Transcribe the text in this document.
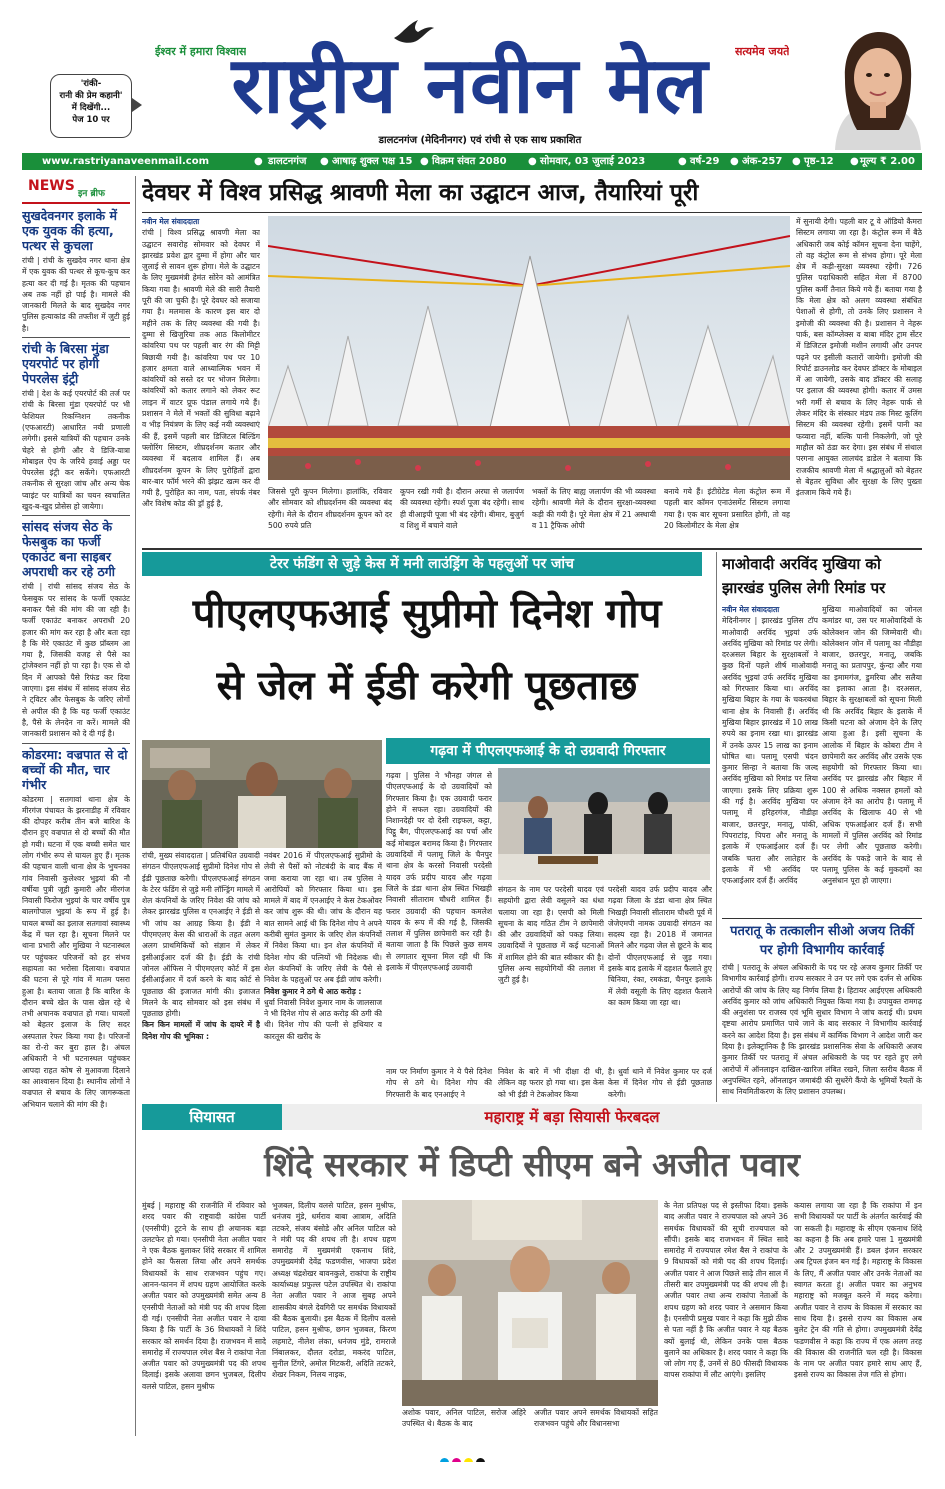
ईश्वर में हमारा विश्वास	सत्यमेव जयते
राष्ट्रीय नवीन मेल
डालटनगंज (मेदिनीनगर) एवं रांची से एक साथ प्रकाशित
'रांकी-
रानी की प्रेम कहानी'
में दिखेंगी...
पेज 10 पर
www.rastriyanaveenmail.com	● डालटनगंज ● आषाढ़ शुक्ल पक्ष 15 ● विक्रम संवत 2080 ● सोमवार, 03 जुलाई 2023	● वर्ष-29 ● अंक-257 ● पृष्ठ-12 ● मूल्य ₹ 2.00
NEWS इन ब्रीफ
सुखदेवनगर इलाके में एक युवक की हत्या, पत्थर से कुचला
रांची | रांची के सुखदेव नगर थाना क्षेत्र में एक युवक की पत्थर से कूच-कूच कर हत्या कर दी गई है। मृतक की पहचान अब तक नहीं हो पाई है। मामले की जानकारी मिलते के बाद सुखदेव नगर पुलिस हत्याकांड की तफ्तीश में जुटी हुई है।
रांची के बिरसा मुंडा एयरपोर्ट पर होगी पेपरलेस इंट्री
रांची | देश के कई एयरपोर्ट की तर्ज पर रांची के बिरसा मुंडा एयरपोर्ट पर भी फेशियल रिकग्निशन तकनीक (एफआरटी) आधारित नयी प्रणाली लगेगी। इससे यात्रियों की पहचान उनके चेहरे से होगी और वे डिजि-यात्रा मोबाइल ऐप के जरिये हवाई अड्डा पर पेपरलेस इंट्री कर सकेंगे। एफआरटी तकनीक से सुरक्षा जांच और अन्य चेक प्वाइंट पर यात्रियों का चयन स्वचालित खुद-ब-खुद प्रोसेस हो जायेगा।
सांसद संजय सेठ के फेसबुक का फर्जी एकाउंट बना साइबर अपराधी कर रहे ठगी
रांची | रांची सांसद संजय सेठ के फेसबुक पर सांसद के फर्जी एकाउंट बनाकर पैसे की मांग की जा रही है। फर्जी एकाउंट बनाकर अपराधी 20 हजार की मांग कर रहा है और बता रहा है कि मेरे एकाउंट में कुछ प्रॉब्लम आ गया है, जिसकी वजह से पैसे का ट्रांजेक्शन नहीं हो पा रहा है। एक से दो दिन में आपको पैसे रिफंड कर दिया जाएगा। इस संबंध में सांसद संजय सेठ ने ट्विटर और फेसबुक के जरिए लोगों से अपील की है कि यह फर्जी एकाउंट है, पैसे के लेनदेन ना करें। मामले की जानकारी प्रशासन को दे दी गई है।
कोडरमा: वज्रपात से दो बच्चों की मौत, चार गंभीर
कोडरमा | सतगावां थाना क्षेत्र के मीरगंज पंचायत के झरनाडीह में रविवार की दोपहर करीब तीन बजे बारिश के दौरान हुए वज्रपात से दो बच्चों की मौत हो गयी। घटना में एक बच्ची समेत चार लोग गंभीर रूप से घायल हुए हैं। मृतक की पहचान वाली थाना क्षेत्र के भुचनका गांव निवासी कुलेश्वर भुइयां की नौ वर्षीया पुत्री जूही कुमारी और मीरगंज निवासी फिरोज भुइयां के चार वर्षीय पुत्र बालगोपाल भुइयां के रूप में हुई है। घायल बच्चों का इलाज सतगावां स्वास्थ्य केंद्र में चल रहा है। सूचना मिलने पर थाना प्रभारी और मुखिया ने घटनास्थल पर पहुंचकर परिजनों को हर संभव सहायता का भरोसा दिलाया। वज्रपात की घटना से पूरे गांव में मातम पसरा हुआ है। बताया जाता है कि बारिश के दौरान बच्चे खेत के पास खेल रहे थे तभी अचानक वज्रपात हो गया। घायलों को बेहतर इलाज के लिए सदर अस्पताल रेफर किया गया है। परिजनों का रो-रो कर बुरा हाल है। अंचल अधिकारी ने भी घटनास्थल पहुंचकर आपदा राहत कोष से मुआवजा दिलाने का आश्वासन दिया है। स्थानीय लोगों ने वज्रपात से बचाव के लिए जागरूकता अभियान चलाने की मांग की है।
देवघर में विश्व प्रसिद्ध श्रावणी मेला का उद्घाटन आज, तैयारियां पूरी
नवीन मेल संवाददाता
रांची | विश्व प्रसिद्ध श्रावणी मेला का उद्घाटन सवारोह सोमवार को देवघर में झारखंड प्रवेश द्वार दुम्मा में होगा और चार जुलाई से सावन शुरू होगा। मेले के उद्घाटन के लिए मुख्यमंत्री हेमंत सोरेन को आमंत्रित किया गया है। श्रावणी मेले की सारी तैयारी पूरी की जा चुकी है। पूरे देवघर को सजाया गया है। मलमास के कारण इस बार दो महीने तक के लिए व्यवस्था की गयी है। दुम्मा से खिजुरिया तक आठ किलोमीटर कांवरिया पथ पर पहली बार रंग की मिट्टी बिछायी गयी है। कांवरिया पथ पर 10 हजार क्षमता वाले आध्यात्मिक भवन में कांवरियों को सस्ते दर पर भोजन मिलेगा। कांवरियों को कतार लगाने को लेकर रूट लाइन में वाटर प्रूफ पंडाल लगाये गये हैं। प्रशासन ने मेले में भक्तों की सुविधा बढ़ाने व भीड़ नियंत्रण के लिए कई नयी व्यवस्थाएं की हैं, इसमें पहली बार डिजिटल बिल्डिंग फ्लोरिंग सिस्टम, शीघ्रदर्शनम कतार और व्यवस्था में बदलाव शामिल हैं। अब शीघ्रदर्शनम कूपन के लिए पुरोहितों द्वारा बार-बार फॉर्म भरने की झंझट खत्म कर दी गयी है, पुरोहित का नाम, पता, संपर्क नंबर और विशेष कोड की ड्रॉ हुई है,
में सुनायी देगी। पहली बार टू वे ऑडियो कैमरा सिस्टम लगाया जा रहा है। कंट्रोल रूम में बैठे अधिकारी जब कोई कॉमन सूचना देना चाहेंगे, तो वह कंट्रोल रूम से संभव होगा। पूरे मेला क्षेत्र में कड़ी-सुरक्षा व्यवस्था रहेगी। 726 पुलिस पदाधिकारी सहित मेला में 8700 पुलिस कर्मी तैनात किये गये हैं। बताया गया है कि मेला क्षेत्र को अलग व्यवस्था संबंधित पेशाओं से होगी, तो उनके लिए प्रशासन ने इमोजी की व्यवस्था की है। प्रशासन ने नेहरू पार्क, बस कॉम्प्लेक्स व बाबा मंदिर ट्राम सेंटर में डिजिटल इमोजी मशीन लगायी और उनपर पढ़ने पर इसीली कतारों जायेगी। इमोजी की रिपोर्ट डाउनलोड कर देवघर डॉक्टर के मोबाइल में आ जायेगी, उसके बाद डॉक्टर की सलाह पर इलाज की व्यवस्था होगी। कतार में उमस भरी गर्मी से बचाव के लिए नेहरू पार्क से लेकर मंदिर के संस्कार मंडप तक मिस्ट कूलिंग सिस्टम की व्यवस्था रहेगी। इसमें पानी का फव्वारा नहीं, बल्कि पानी निकलेगी, जो पूरे माहौल को ठंडा कर देगा। इस संबंध में संथाल परगना आयुक्त लालचंद डाडेल ने बताया कि राजकीय श्रावणी मेला में श्रद्धालुओं को बेहतर से बेहतर सुविधा और सुरक्षा के लिए पुख्ता इंतजाम किये गये हैं।
जिससे पूरी कूपन मिलेगा। हालांकि, रविवार और सोमवार को शीघ्रदर्शनम की व्यवस्था बंद रहेगी। मेले के दौरान शीघ्रदर्शनम कूपन को दर 500 रुपये प्रति
कूपन रखी गयी है। दौरान अरघा से जलार्पण की व्यवस्था रहेगी। स्पर्श पूजा बंद रहेगी। साथ ही वीआइपी पूजा भी बंद रहेगी। बीमार, बुजुर्ग व शिशु में बचाने वाले
भक्तों के लिए बाह्य जलार्पण की भी व्यवस्था रहेगी। श्रावणी मेले के दौरान सुरक्षा-व्यवस्था कड़ी की गयी है। पूरे मेला क्षेत्र में 21 अस्थायी व 11 ट्रैफिक ओपी
बनाये गये हैं। इंटीग्रेटेड मेला कंट्रोल रूम में पहली बार कॉमन एनाउंसमेंट सिस्टम लगाया गया है। एक बार सूचना प्रसारित होगी, तो वह 20 किलोमीटर के मेला क्षेत्र
टेरर फंडिंग से जुड़े केस में मनी लाउंड्रिंग के पहलुओं पर जांच
पीएलएफआई सुप्रीमो दिनेश गोप
से जेल में ईडी करेगी पूछताछ
गढ़वा में पीएलएफआई के दो उग्रवादी गिरफ्तार
रांची, मुख्य संवाददाता | प्रतिबंधित उग्रवादी संगठन पीएलएफआई सुप्रीमो दिनेश गोप से ईडी पूछताछ करेगी। पीएलएफआई संगठन के टेरर फंडिंग से जुड़े मनी लॉन्ड्रिंग मामले में शेल कंपनियों के जरिए निवेश की जांच को लेकर झारखंड पुलिस व एनआईए ने ईडी से भी जांच का आग्रह किया है। ईडी ने पीएमएलए केस की धाराओं के तहत अलग अलग प्राथमिकियों को संज्ञान में लेकर इसीआईआर दर्ज की है। ईडी के रांची जोनल ऑफिस ने पीएमएलए कोर्ट में इस ईसीआईआर में दर्ज करने के बाद कोर्ट से पूछताछ की इजाजत मांगी की। इजाजत मिलने के बाद सोमवार को इस संबंध में पूछताछ होगी।
किन किन मामलों में जांच के दायरे में है दिनेश गोप की भूमिका :
नवंबर 2016 में पीएलएफआई सुप्रीमो के लेवी से पैसों को नोटबंदी के बाद बैंक में जमा कराया जा रहा था। तब पुलिस ने आरोपियों को गिरफ्तार किया था। इस मामले में बाद में एनआईए ने केस टेकओवर कर जांच शुरू की थी। जांच के दौरान यह बात सामने आई थी कि दिनेश गोप ने अपने करीबी सुमंत कुमार के जरिए शेल कंपनियों में निवेश किया था। इन शेल कंपनियों में दिनेश गोप की पत्नियों भी निदेशक थी। शेल कंपनियों के जरिए लेवी के पैसे से निवेश के पहलुओं पर अब ईडी जांच करेगी।
निवेश कुमार ने ठगे थे आठ करोड़ :
धुर्वा निवासी निवेश कुमार नाम के जालसाज ने भी दिनेश गोप से आठ करोड़ की ठगी की थी। दिनेश गोप की पत्नी से हथियार व कारतूस की खरीद के
गढ़वा | पुलिस ने भौनहा जंगल से पीएलएफआई के दो उग्रवादियों को गिरफ्तार किया है। एक उग्रवादी फरार होने में सफल रहा। उग्रवादियों की निशानदेही पर दो देसी राइफल, कट्टा, पिट्ठू बैग, पीएलएफआई का पर्चा और कई मोबाइल बरामद किया है। गिरफ्तार उग्रवादियों में पलामू जिले के चैनपुर थाना क्षेत्र के करसो निवासी परदेसी यादव उर्फ प्रदीप यादव और गढ़वा जिले के डंडा थाना क्षेत्र स्थित भिखही निवासी सीताराम चौधरी शामिल हैं। फरार उग्रवादी की पहचान कमलेश यादव के रूप में की गई है, जिसकी तलाश में पुलिस छापेमारी कर रही है। बताया जाता है कि पिछले कुछ समय से लगातार सूचना मिल रही थी कि इलाके में पीएलएफआई उग्रवादी
संगठन के नाम पर परदेसी यादव एवं सहयोगी द्वारा लेवी वसूलने का धंधा चलाया जा रहा है। एसपी को मिली सूचना के बाद गठित टीम ने छापेमारी की और उग्रवादियों को पकड़ लिया। उग्रवादियों ने पूछताछ में कई घटनाओं में शामिल होने की बात स्वीकार की है। पुलिस अन्य सहयोगियों की तलाश में जुटी हुई है।
परदेसी यादव उर्फ प्रदीप यादव और गढ़वा जिला के डंडा थाना क्षेत्र स्थित भिखही निवासी सीताराम चौधरी पूर्व में जेजेएमपी नामक उग्रवादी संगठन का सदस्य रहा है। 2018 में जमानत मिलने और गढ़वा जेल से छूटने के बाद दोनों पीएलएफआई से जुड़ गया। इसके बाद इलाके में दहशत फैलाते हुए चिनिया, रंका, रमकंडा, चैनपुर इलाके में लेवी वसूली के लिए दहशत फैलाने का काम किया जा रहा था।
नाम पर निर्माण कुमार ने ये पैसे दिनेश गोप से ठगे थे। दिनेश गोप की गिरफ्तारी के बाद एनआईए ने
निवेश के बारे में भी दीक्षा दी थी, लेकिन वह फरार हो गया था। इस केस को भी ईडी ने टेकओवर किया
है। धुर्वा थाने में निवेश कुमार पर दर्ज केस में दिनेश गोप से ईडी पूछताछ करेगी।
माओवादी अरविंद मुखिया को झारखंड पुलिस लेगी रिमांड पर
नवीन मेल संवाददाता
मेदिनीनगर | झारखंड पुलिस टॉप माओवादी अरविंद भुइयां उर्फ अरविंद मुखिया को रिमांड पर लेगी। दरअसल बिहार के सुरक्षाबलों ने कुछ दिनों पहले शीर्ष माओवादी अरविंद भुइयां उर्फ अरविंद मुखिया को गिरफ्तार किया था। अरविंद मुखिया बिहार के गया के चकरबंधा थाना क्षेत्र के निवासी हैं। अरविंद मुखिया बिहार झारखंड में 10 लाख रुपये का इनाम रखा था। झारखंड में उनके ऊपर 15 लाख का इनाम घोषित था। पलामू एसपी चंदन कुमार सिन्हा ने बताया कि जल्द अरविंद मुखिया को रिमांड पर लिया जाएगा। इसके लिए प्रक्रिया शुरू की गई है। अरविंद मुखिया पर पलामू में हरिहरगंज, नौडीहा बाजार, छतरपुर, मनातू, पांकी, पिपराटांड़, पिपरा और मनातू के इलाके में एफआईआर दर्ज हैं। जबकि चतरा और लातेहार के इलाके में भी अरविंद पर एफआईआर दर्ज हैं। अरविंद
मुखिया माओवादियों का जोनल कमांडर था, उस पर माओवादियों के कोलेक्शन जोन की जिम्मेवारी थी। कोलेक्शन जोन में पलामू का नौडीहा बाजार, छतरपुर, मनातू, जबकि मनातू का प्रतापपुर, कुंन्दा और गया का इमामगंज, डुमरिया और सलैया का इलाका आता है। दरअसल, बिहार के सुरक्षाबलों को सूचना मिली थी कि अरविंद बिहार के इलाके में किसी घटना को अंजाम देने के लिए आया हुआ है। इसी सूचना के आलोक में बिहार के कोबरा टीम ने छापेमारी कर अरविंद और उसके एक सहयोगी को गिरफ्तार किया था। अरविंद पर झारखंड और बिहार में 100 से अधिक नक्सल हमलों को अंजाम देने का आरोप है। पलामू में अरविंद के खिलाफ 40 से भी अधिक एफआईआर दर्ज हैं। सभी मामलों में पुलिस अरविंद को रिमांड पर लेगी और पूछताछ करेगी। अरविंद के पकड़े जाने के बाद से पलामू पुलिस के कई मुकदमों का अनुसंधान पूरा हो जाएगा।
पतरातू के तत्कालीन सीओ अजय तिर्की पर होगी विभागीय कार्रवाई
रांची | पतरातू के अंचल अधिकारी के पद पर रहे अजय कुमार तिर्की पर विभागीय कार्रवाई होगी। राज्य सरकार ने उन पर लगे एक दर्जन से अधिक आरोपों की जांच के लिए यह निर्णय लिया है। हिटायर आईएएस अधिकारी अरविंद कुमार को जांच अधिकारी नियुक्त किया गया है। उपायुक्त रामगढ़ की अनुशंसा पर राजस्व एवं भूमि सुधार विभाग ने जांच कराई थी। प्रथम दृष्टया आरोप प्रमाणित पाये जाने के बाद सरकार ने विभागीय कार्रवाई करने का आदेश दिया है। इस संबंध में कार्मिक विभाग ने आदेश जारी कर दिया है। इलेक्ट्रानिक है कि झारखंड प्रशासनिक सेवा के अधिकारी अजय कुमार तिर्की पर पतरातू में अंचल अधिकारी के पद पर रहते हुए लगे आरोपों में ऑनलाइन दाखिल-खारिज लंबित रखने, जिला स्तरीय बैठक में अनुपस्थित रहने, ऑनलाइन जमाबंदी की सुधरेंगे कैंपो के भूमियों रैयतों के साथ नियमितीकरण के लिए प्रशासन उपलब्ध।
सियासत	महाराष्ट्र में बड़ा सियासी फेरबदल
शिंदे सरकार में डिप्टी सीएम बने अजीत पवार
मुंबई | महाराष्ट्र की राजनीति में रविवार को शरद पवार की राष्ट्रवादी कांग्रेस पार्टी (एनसीपी) टूटने के साथ ही अचानक बड़ा उलटफेर हो गया। एनसीपी नेता अजीत पवार ने एक बैठक बुलाकर शिंदे सरकार में शामिल होने का फैसला लिया और अपने समर्थक विधायकों के साथ राजभवन पहुंच गए। आनन-फानन में शपथ ग्रहण आयोजित करके अजीत पवार को उपमुख्यमंत्री समेत अन्य 8 एनसीपी नेताओं को मंत्री पद की शपथ दिला दी गई। एनसीपी नेता अजीत पवार ने दावा किया है कि पार्टी के 36 विधायकों ने शिंदे सरकार को समर्थन दिया है। राजभवन में सादे समारोह में राज्यपाल रमेश बैस ने राकांपा नेता अजीत पवार को उपमुख्यमंत्री पद की शपथ दिलाई। इसके अलावा छगन भुजबल, दिलीप वलसे पाटिल, हसन मुश्रीफ
भुजबल, दिलीप वलसे पाटिल, हसन मुश्रीफ, धनंजय मुंडे, धर्मराव बाबा आत्राम, अदिति तटकरे, संजय बंसोडे और अनिल पाटिल को ने मंत्री पद की शपथ ली है। शपथ ग्रहण समारोह में मुख्यमंत्री एकनाथ शिंदे, उपमुख्यमंत्री देवेंद्र फडणवीस, भाजपा प्रदेश अध्यक्ष चंद्रशेखर बावनकुले, राकांपा के राष्ट्रीय कार्याध्यक्ष प्रफुल्ल पटेल उपस्थित थे। राकांपा नेता अजीत पवार ने आज सुबह अपने शासकीय बंगले देवगिरी पर समर्थक विधायकों की बैठक बुलायी। इस बैठक में दिलीप वलसे पाटिल, हसन मुश्रीफ, छगन भुजबल, किरण लहमाटे, नीलेश लंका, धनंजय मुंडे, रामराजे निंबालकर, दौलत दरोडा, मकरंद पाटिल, सुनील टिंगरे, अमोल मिटकरी, अदिति तटकरे, शेखर निकम, निलय नाइक,
अशोक पवार, अनिल पाटिल, सरोज अहिरे उपस्थित थे। बैठक के बाद
अजीत पवार अपने समर्थक विधायकों सहित राजभवन पहुंचे और विधानसभा
के नेता प्रतिपक्ष पद से इस्तीफा दिया। इसके बाद अजीत पवार ने राज्यपाल को अपने 36 समर्थक विधायकों की सूची राज्यपाल को सौंपी। इसके बाद राजभवन में स्थित सादे समारोह में राज्यपाल रमेश बैस ने राकांपा के 9 विधायकों को मंत्री पद की शपथ दिलाई। अजीत पवार ने आज पिछले साढ़े तीन साल में तीसरी बार उपमुख्यमंत्री पद की शपथ ली है। अजीत पवार तथा अन्य राकांपा नेताओं के शपथ ग्रहण को शरद पवार ने असमान किया है। एनसीपी प्रमुख पवार ने कहा कि मुझे ठीक से पता नहीं है कि अजीत पवार ने यह बैठक क्यों बुलाई थी, लेकिन उनके पास बैठक बुलाने का अधिकार है। शरद पवार ने कहा कि जो लोग गए हैं, उनमें से 80 फीसदी विधायक वापस राकांपा में लौट आएंगे। इसलिए
कयास लगाया जा रहा है कि राकांपा में इन सभी विधायकों पर पार्टी के अंतर्गत कार्रवाई की जा सकती है। महाराष्ट्र के सीएम एकनाथ शिंदे का कहना है कि अब हमारे पास 1 मुख्यमंत्री और 2 उपमुख्यमंत्री हैं। डबल इंजन सरकार अब ट्रिपल इंजन बन गई है। महाराष्ट्र के विकास के लिए, मैं अजीत पवार और उनके नेताओं का स्वागत करता हूं। अजीत पवार का अनुभव महाराष्ट्र को मजबूत करने में मदद करेगा। अजीत पवार ने राज्य के विकास में सरकार का साथ दिया है। इससे राज्य का विकास अब बुलेट ट्रेन की गति से होगा। उपमुख्यमंत्री देवेंद्र फडणवीस ने कहा कि राज्य में एक अलग तरह की विकास की राजनीति चल रही है। विकास के नाम पर अजीत पवार हमारे साथ आए हैं, इससे राज्य का विकास तेज गति से होगा।
